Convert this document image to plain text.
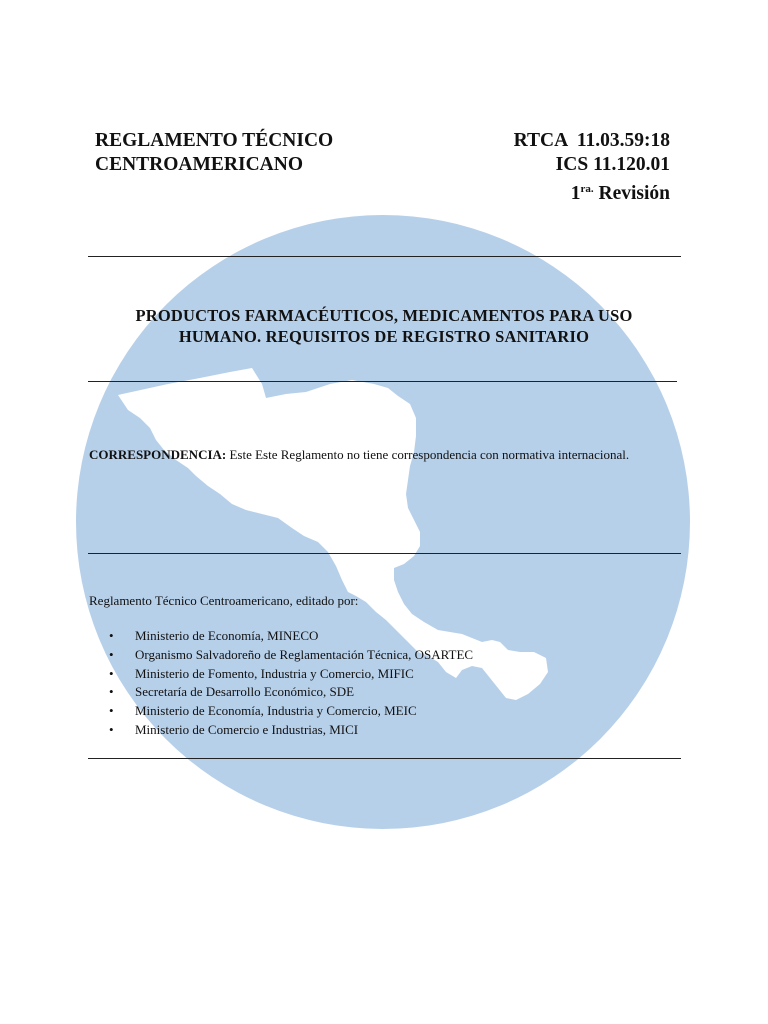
REGLAMENTO TÉCNICO
CENTROAMERICANO
RTCA  11.03.59:18
ICS 11.120.01
$1^{ra.}$ Revisión
PRODUCTOS FARMACÉUTICOS, MEDICAMENTOS PARA USO
HUMANO. REQUISITOS DE REGISTRO SANITARIO
CORRESPONDENCIA: Este Este Reglamento no tiene correspondencia con normativa internacional.
Reglamento Técnico Centroamericano, editado por:
• Ministerio de Economía, MINECO
• Organismo Salvadoreño de Reglamentación Técnica, OSARTEC
• Ministerio de Fomento, Industria y Comercio, MIFIC
• Secretaría de Desarrollo Económico, SDE
• Ministerio de Economía, Industria y Comercio, MEIC
• Ministerio de Comercio e Industrias, MICI
